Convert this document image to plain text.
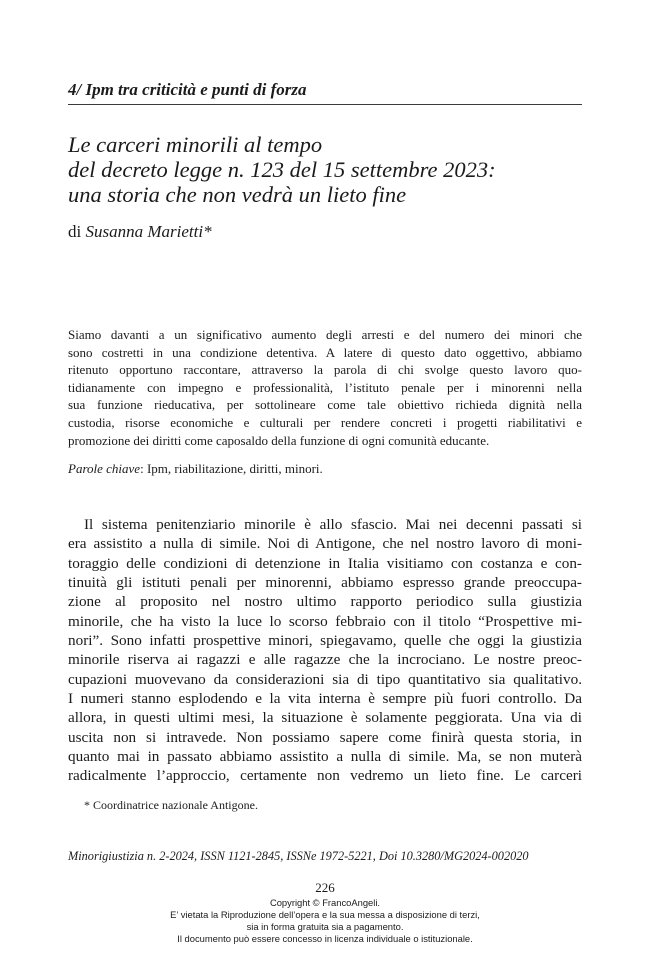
4/ Ipm tra criticità e punti di forza
Le carceri minorili al tempo
del decreto legge n. 123 del 15 settembre 2023:
una storia che non vedrà un lieto fine
di Susanna Marietti*
Siamo davanti a un significativo aumento degli arresti e del numero dei minori che
sono costretti in una condizione detentiva. A latere di questo dato oggettivo, abbiamo
ritenuto opportuno raccontare, attraverso la parola di chi svolge questo lavoro quo-
tidianamente con impegno e professionalità, l’istituto penale per i minorenni nella
sua funzione rieducativa, per sottolineare come tale obiettivo richieda dignità nella
custodia, risorse economiche e culturali per rendere concreti i progetti riabilitativi e
promozione dei diritti come caposaldo della funzione di ogni comunità educante.
Parole chiave: Ipm, riabilitazione, diritti, minori.
Il sistema penitenziario minorile è allo sfascio. Mai nei decenni passati si
era assistito a nulla di simile. Noi di Antigone, che nel nostro lavoro di moni-
toraggio delle condizioni di detenzione in Italia visitiamo con costanza e con-
tinuità gli istituti penali per minorenni, abbiamo espresso grande preoccupa-
zione al proposito nel nostro ultimo rapporto periodico sulla giustizia
minorile, che ha visto la luce lo scorso febbraio con il titolo “Prospettive mi-
nori”. Sono infatti prospettive minori, spiegavamo, quelle che oggi la giustizia
minorile riserva ai ragazzi e alle ragazze che la incrociano. Le nostre preoc-
cupazioni muovevano da considerazioni sia di tipo quantitativo sia qualitativo.
I numeri stanno esplodendo e la vita interna è sempre più fuori controllo. Da
allora, in questi ultimi mesi, la situazione è solamente peggiorata. Una via di
uscita non si intravede. Non possiamo sapere come finirà questa storia, in
quanto mai in passato abbiamo assistito a nulla di simile. Ma, se non muterà
radicalmente l’approccio, certamente non vedremo un lieto fine. Le carceri
* Coordinatrice nazionale Antigone.
Minorigiustizia n. 2-2024, ISSN 1121-2845, ISSNe 1972-5221, Doi 10.3280/MG2024-002020
226
Copyright © FrancoAngeli.
E’ vietata la Riproduzione dell’opera e la sua messa a disposizione di terzi,
sia in forma gratuita sia a pagamento.
Il documento può essere concesso in licenza individuale o istituzionale.
